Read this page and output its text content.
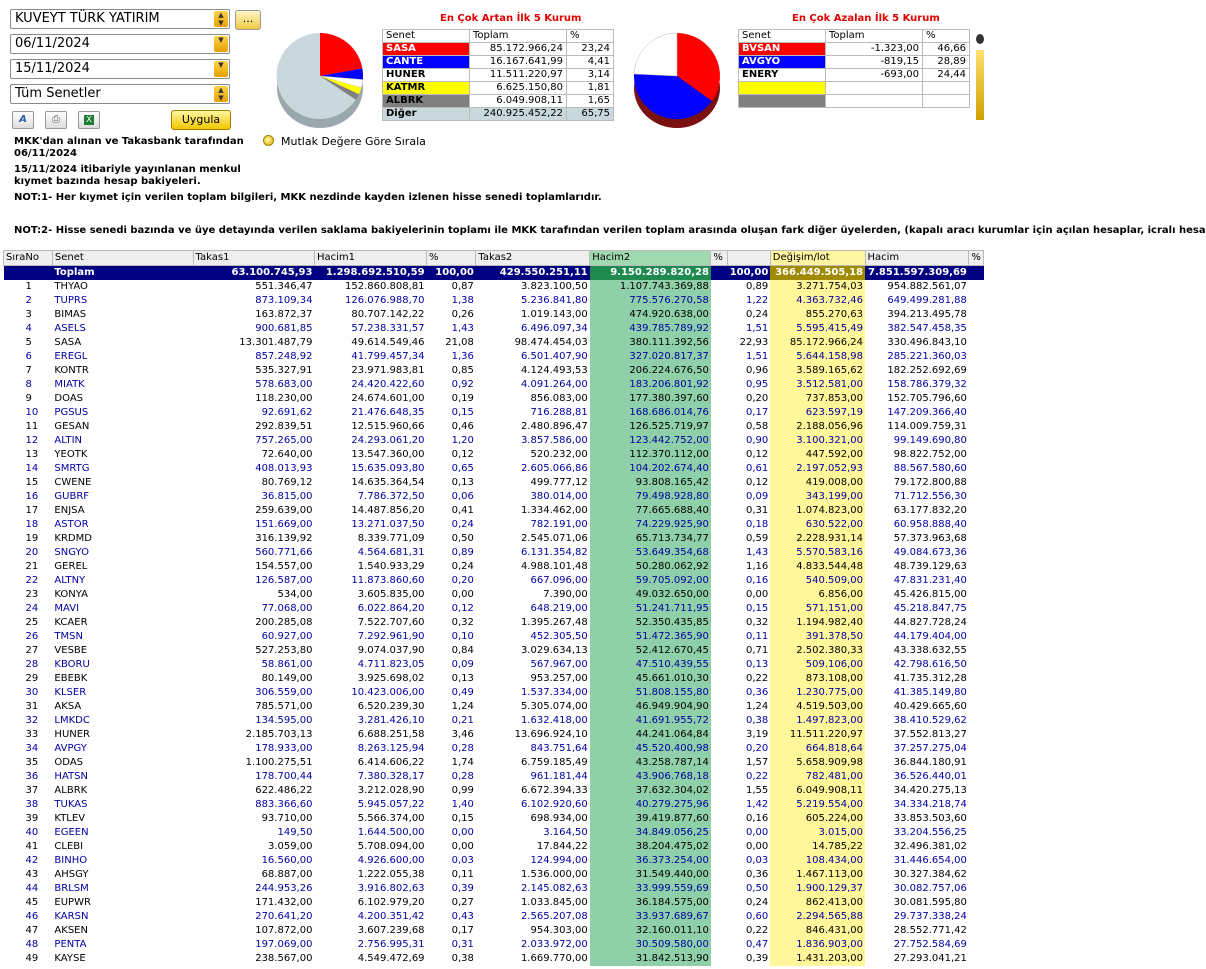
KUVEYT TÜRK YATIRIM	▲
▼	...
06/11/2024	▼
15/11/2024	▼
Tüm Senetler	▲
▼
A	⎙	X	Uygula
MKK'dan alınan ve Takasbank tarafından
06/11/2024
15/11/2024 itibariyle yayınlanan menkul
kıymet bazında hesap bakiyeleri.
NOT:1- Her kıymet için verilen toplam bilgileri, MKK nezdinde kayden izlenen hisse senedi toplamlarıdır.
NOT:2- Hisse senedi bazında ve üye detayında verilen saklama bakiyelerinin toplamı ile MKK tarafından verilen toplam arasında oluşan fark diğer üyelerden, (kapalı aracı kurumlar için açılan hesaplar, icralı hesa
Mutlak Değere Göre Sırala
En Çok Artan İlk 5 Kurum
Senet	Toplam	%
SASA	85.172.966,24	23,24
CANTE	16.167.641,99	4,41
HUNER	11.511.220,97	3,14
KATMR	6.625.150,80	1,81
ALBRK	6.049.908,11	1,65
Diğer	240.925.452,22	65,75
En Çok Azalan İlk 5 Kurum
Senet	Toplam	%
BVSAN	-1.323,00	46,66
AVGYO	-819,15	28,89
ENERY	-693,00	24,44

SıraNo	Senet	Takas1	Hacim1	%	Takas2	Hacim2	%		Değişim/lot	Hacim	%
	Toplam	63.100.745,93	1.298.692.510,59	100,00	429.550.251,11	9.150.289.820,28		100,00	366.449.505,18	7.851.597.309,69	
1	THYAO	551.346,47	152.860.808,81	0,87	3.823.100,50	1.107.743.369,88		0,89	3.271.754,03	954.882.561,07	
2	TUPRS	873.109,34	126.076.988,70	1,38	5.236.841,80	775.576.270,58		1,22	4.363.732,46	649.499.281,88	
3	BIMAS	163.872,37	80.707.142,22	0,26	1.019.143,00	474.920.638,00		0,24	855.270,63	394.213.495,78	
4	ASELS	900.681,85	57.238.331,57	1,43	6.496.097,34	439.785.789,92		1,51	5.595.415,49	382.547.458,35	
5	SASA	13.301.487,79	49.614.549,46	21,08	98.474.454,03	380.111.392,56		22,93	85.172.966,24	330.496.843,10	
6	EREGL	857.248,92	41.799.457,34	1,36	6.501.407,90	327.020.817,37		1,51	5.644.158,98	285.221.360,03	
7	KONTR	535.327,91	23.971.983,81	0,85	4.124.493,53	206.224.676,50		0,96	3.589.165,62	182.252.692,69	
8	MIATK	578.683,00	24.420.422,60	0,92	4.091.264,00	183.206.801,92		0,95	3.512.581,00	158.786.379,32	
9	DOAS	118.230,00	24.674.601,00	0,19	856.083,00	177.380.397,60		0,20	737.853,00	152.705.796,60	
10	PGSUS	92.691,62	21.476.648,35	0,15	716.288,81	168.686.014,76		0,17	623.597,19	147.209.366,40	
11	GESAN	292.839,51	12.515.960,66	0,46	2.480.896,47	126.525.719,97		0,58	2.188.056,96	114.009.759,31	
12	ALTIN	757.265,00	24.293.061,20	1,20	3.857.586,00	123.442.752,00		0,90	3.100.321,00	99.149.690,80	
13	YEOTK	72.640,00	13.547.360,00	0,12	520.232,00	112.370.112,00		0,12	447.592,00	98.822.752,00	
14	SMRTG	408.013,93	15.635.093,80	0,65	2.605.066,86	104.202.674,40		0,61	2.197.052,93	88.567.580,60	
15	CWENE	80.769,12	14.635.364,54	0,13	499.777,12	93.808.165,42		0,12	419.008,00	79.172.800,88	
16	GUBRF	36.815,00	7.786.372,50	0,06	380.014,00	79.498.928,80		0,09	343.199,00	71.712.556,30	
17	ENJSA	259.639,00	14.487.856,20	0,41	1.334.462,00	77.665.688,40		0,31	1.074.823,00	63.177.832,20	
18	ASTOR	151.669,00	13.271.037,50	0,24	782.191,00	74.229.925,90		0,18	630.522,00	60.958.888,40	
19	KRDMD	316.139,92	8.339.771,09	0,50	2.545.071,06	65.713.734,77		0,59	2.228.931,14	57.373.963,68	
20	SNGYO	560.771,66	4.564.681,31	0,89	6.131.354,82	53.649.354,68		1,43	5.570.583,16	49.084.673,36	
21	GEREL	154.557,00	1.540.933,29	0,24	4.988.101,48	50.280.062,92		1,16	4.833.544,48	48.739.129,63	
22	ALTNY	126.587,00	11.873.860,60	0,20	667.096,00	59.705.092,00		0,16	540.509,00	47.831.231,40	
23	KONYA	534,00	3.605.835,00	0,00	7.390,00	49.032.650,00		0,00	6.856,00	45.426.815,00	
24	MAVI	77.068,00	6.022.864,20	0,12	648.219,00	51.241.711,95		0,15	571.151,00	45.218.847,75	
25	KCAER	200.285,08	7.522.707,60	0,32	1.395.267,48	52.350.435,85		0,32	1.194.982,40	44.827.728,24	
26	TMSN	60.927,00	7.292.961,90	0,10	452.305,50	51.472.365,90		0,11	391.378,50	44.179.404,00	
27	VESBE	527.253,80	9.074.037,90	0,84	3.029.634,13	52.412.670,45		0,71	2.502.380,33	43.338.632,55	
28	KBORU	58.861,00	4.711.823,05	0,09	567.967,00	47.510.439,55		0,13	509.106,00	42.798.616,50	
29	EBEBK	80.149,00	3.925.698,02	0,13	953.257,00	45.661.010,30		0,22	873.108,00	41.735.312,28	
30	KLSER	306.559,00	10.423.006,00	0,49	1.537.334,00	51.808.155,80		0,36	1.230.775,00	41.385.149,80	
31	AKSA	785.571,00	6.520.239,30	1,24	5.305.074,00	46.949.904,90		1,24	4.519.503,00	40.429.665,60	
32	LMKDC	134.595,00	3.281.426,10	0,21	1.632.418,00	41.691.955,72		0,38	1.497.823,00	38.410.529,62	
33	HUNER	2.185.703,13	6.688.251,58	3,46	13.696.924,10	44.241.064,84		3,19	11.511.220,97	37.552.813,27	
34	AVPGY	178.933,00	8.263.125,94	0,28	843.751,64	45.520.400,98		0,20	664.818,64	37.257.275,04	
35	ODAS	1.100.275,51	6.414.606,22	1,74	6.759.185,49	43.258.787,14		1,57	5.658.909,98	36.844.180,91	
36	HATSN	178.700,44	7.380.328,17	0,28	961.181,44	43.906.768,18		0,22	782.481,00	36.526.440,01	
37	ALBRK	622.486,22	3.212.028,90	0,99	6.672.394,33	37.632.304,02		1,55	6.049.908,11	34.420.275,13	
38	TUKAS	883.366,60	5.945.057,22	1,40	6.102.920,60	40.279.275,96		1,42	5.219.554,00	34.334.218,74	
39	KTLEV	93.710,00	5.566.374,00	0,15	698.934,00	39.419.877,60		0,16	605.224,00	33.853.503,60	
40	EGEEN	149,50	1.644.500,00	0,00	3.164,50	34.849.056,25		0,00	3.015,00	33.204.556,25	
41	CLEBI	3.059,00	5.708.094,00	0,00	17.844,22	38.204.475,02		0,00	14.785,22	32.496.381,02	
42	BINHO	16.560,00	4.926.600,00	0,03	124.994,00	36.373.254,00		0,03	108.434,00	31.446.654,00	
43	AHSGY	68.887,00	1.222.055,38	0,11	1.536.000,00	31.549.440,00		0,36	1.467.113,00	30.327.384,62	
44	BRLSM	244.953,26	3.916.802,63	0,39	2.145.082,63	33.999.559,69		0,50	1.900.129,37	30.082.757,06	
45	EUPWR	171.432,00	6.102.979,20	0,27	1.033.845,00	36.184.575,00		0,24	862.413,00	30.081.595,80	
46	KARSN	270.641,20	4.200.351,42	0,43	2.565.207,08	33.937.689,67		0,60	2.294.565,88	29.737.338,24	
47	AKSEN	107.872,00	3.607.239,68	0,17	954.303,00	32.160.011,10		0,22	846.431,00	28.552.771,42	
48	PENTA	197.069,00	2.756.995,31	0,31	2.033.972,00	30.509.580,00		0,47	1.836.903,00	27.752.584,69	
49	KAYSE	238.567,00	4.549.472,69	0,38	1.669.770,00	31.842.513,90		0,39	1.431.203,00	27.293.041,21	
